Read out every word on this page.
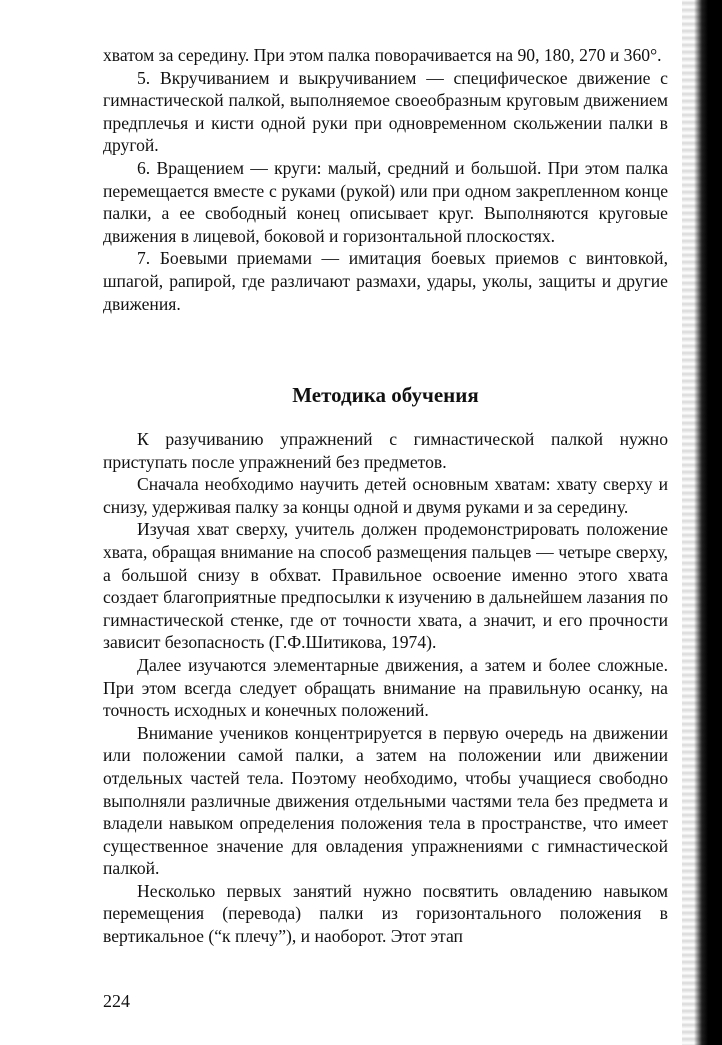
хватом за середину. При этом палка поворачивается на 90, 180, 270 и 360°.

5. Вкручиванием и выкручиванием — специфическое движение с гимнастической палкой, выполняемое своеобразным круговым движением предплечья и кисти одной руки при одновременном скольжении палки в другой.

6. Вращением — круги: малый, средний и большой. При этом палка перемещается вместе с руками (рукой) или при одном закрепленном конце палки, а ее свободный конец описывает круг. Выполняются круговые движения в лицевой, боковой и горизонтальной плоскостях.

7. Боевыми приемами — имитация боевых приемов с винтовкой, шпагой, рапирой, где различают размахи, удары, уколы, защиты и другие движения.

Методика обучения

К разучиванию упражнений с гимнастической палкой нужно приступать после упражнений без предметов.

Сначала необходимо научить детей основным хватам: хвату сверху и снизу, удерживая палку за концы одной и двумя руками и за середину.

Изучая хват сверху, учитель должен продемонстрировать положение хвата, обращая внимание на способ размещения пальцев — четыре сверху, а большой снизу в обхват. Правильное освоение именно этого хвата создает благоприятные предпосылки к изучению в дальнейшем лазания по гимнастической стенке, где от точности хвата, а значит, и его прочности зависит безопасность (Г.Ф.Шитикова, 1974).

Далее изучаются элементарные движения, а затем и более сложные. При этом всегда следует обращать внимание на правильную осанку, на точность исходных и конечных положений.

Внимание учеников концентрируется в первую очередь на движении или положении самой палки, а затем на положении или движении отдельных частей тела. Поэтому необходимо, чтобы учащиеся свободно выполняли различные движения отдельными частями тела без предмета и владели навыком определения положения тела в пространстве, что имеет существенное значение для овладения упражнениями с гимнастической палкой.

Несколько первых занятий нужно посвятить овладению навыком перемещения (перевода) палки из горизонтального положения в вертикальное (“к плечу”), и наоборот. Этот этап

224
